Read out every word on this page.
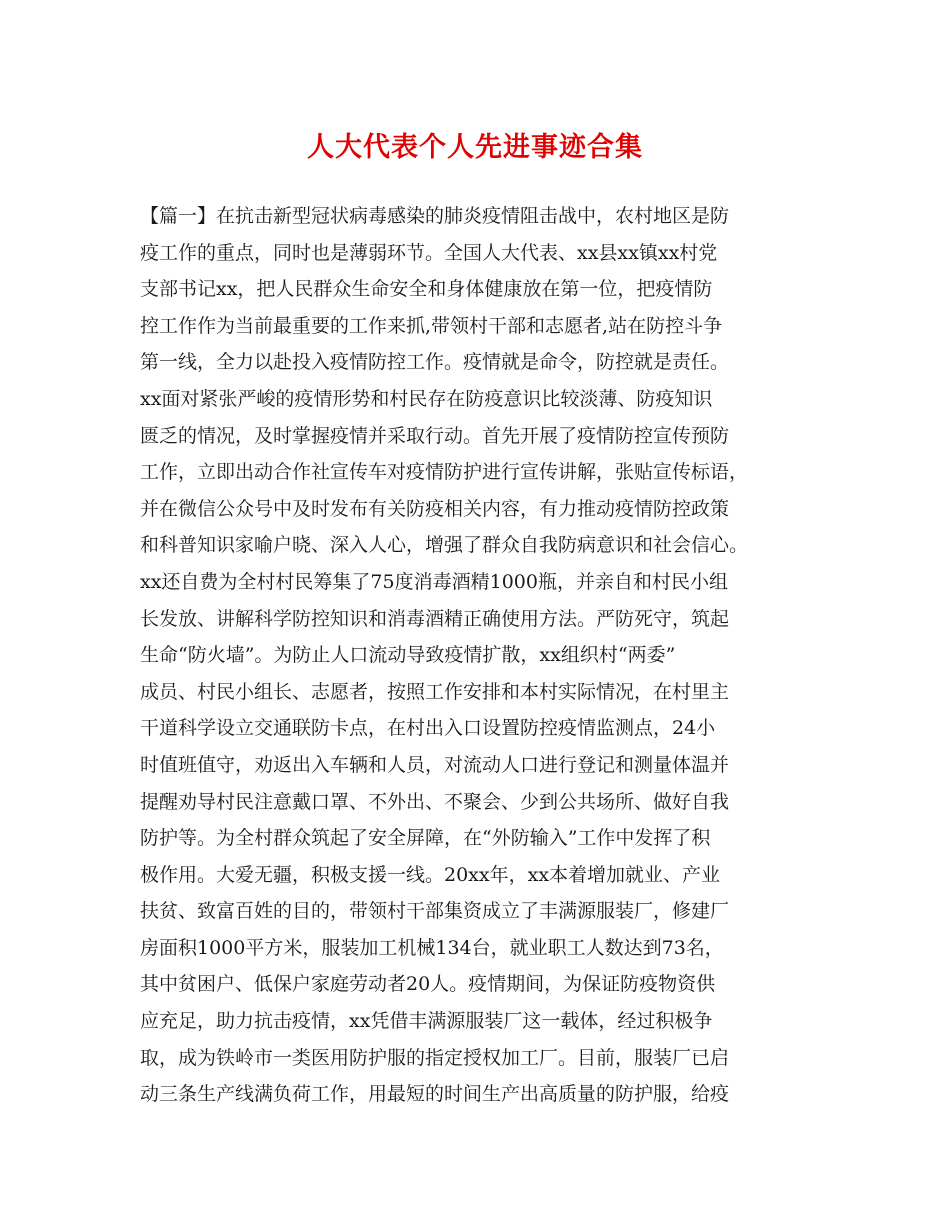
人大代表个人先进事迹合集
【篇一】在抗击新型冠状病毒感染的肺炎疫情阻击战中，农村地区是防
疫工作的重点，同时也是薄弱环节。全国人大代表、xx县xx镇xx村党
支部书记xx，把人民群众生命安全和身体健康放在第一位，把疫情防
控工作作为当前最重要的工作来抓,带领村干部和志愿者,站在防控斗争
第一线，全力以赴投入疫情防控工作。疫情就是命令，防控就是责任。
xx面对紧张严峻的疫情形势和村民存在防疫意识比较淡薄、防疫知识
匮乏的情况，及时掌握疫情并采取行动。首先开展了疫情防控宣传预防
工作，立即出动合作社宣传车对疫情防护进行宣传讲解，张贴宣传标语，
并在微信公众号中及时发布有关防疫相关内容，有力推动疫情防控政策
和科普知识家喻户晓、深入人心，增强了群众自我防病意识和社会信心。
xx还自费为全村村民筹集了75度消毒酒精1000瓶，并亲自和村民小组
长发放、讲解科学防控知识和消毒酒精正确使用方法。严防死守，筑起
生命“防火墙”。为防止人口流动导致疫情扩散，xx组织村“两委”
成员、村民小组长、志愿者，按照工作安排和本村实际情况，在村里主
干道科学设立交通联防卡点，在村出入口设置防控疫情监测点，24小
时值班值守，劝返出入车辆和人员，对流动人口进行登记和测量体温并
提醒劝导村民注意戴口罩、不外出、不聚会、少到公共场所、做好自我
防护等。为全村群众筑起了安全屏障，在“外防输入”工作中发挥了积
极作用。大爱无疆，积极支援一线。20xx年，xx本着增加就业、产业
扶贫、致富百姓的目的，带领村干部集资成立了丰满源服装厂，修建厂
房面积1000平方米，服装加工机械134台，就业职工人数达到73名，
其中贫困户、低保户家庭劳动者20人。疫情期间，为保证防疫物资供
应充足，助力抗击疫情，xx凭借丰满源服装厂这一载体，经过积极争
取，成为铁岭市一类医用防护服的指定授权加工厂。目前，服装厂已启
动三条生产线满负荷工作，用最短的时间生产出高质量的防护服，给疫
